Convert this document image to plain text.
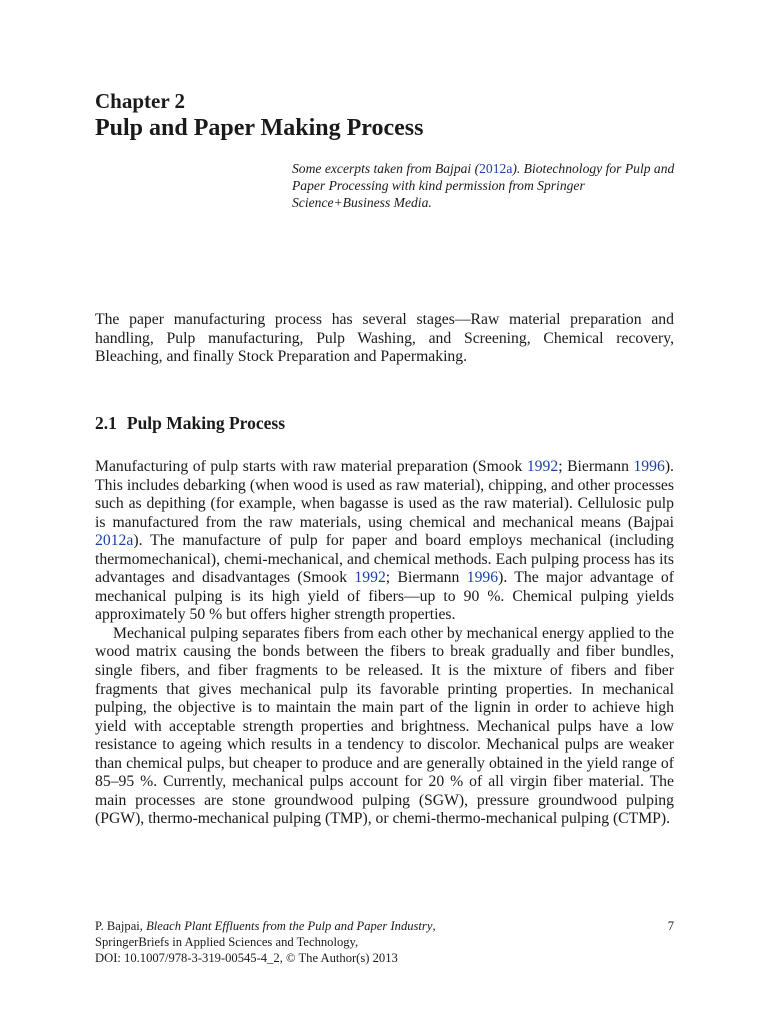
Chapter 2
Pulp and Paper Making Process
Some excerpts taken from Bajpai (2012a). Biotechnology for Pulp and Paper Processing with kind permission from Springer Science+Business Media.
The paper manufacturing process has several stages—Raw material preparation and handling, Pulp manufacturing, Pulp Washing, and Screening, Chemical recovery, Bleaching, and finally Stock Preparation and Papermaking.
2.1 Pulp Making Process

Manufacturing of pulp starts with raw material preparation (Smook 1992; Biermann 1996). This includes debarking (when wood is used as raw material), chipping, and other processes such as depithing (for example, when bagasse is used as the raw material). Cellulosic pulp is manufactured from the raw materials, using chemical and mechanical means (Bajpai 2012a). The manufacture of pulp for paper and board employs mechanical (including thermomechanical), chemi-mechanical, and chemical methods. Each pulping process has its advantages and disadvantages (Smook 1992; Biermann 1996). The major advantage of mechanical pulping is its high yield of fibers—up to 90 %. Chemical pulping yields approximately 50 % but offers higher strength properties.

Mechanical pulping separates fibers from each other by mechanical energy applied to the wood matrix causing the bonds between the fibers to break gradually and fiber bundles, single fibers, and fiber fragments to be released. It is the mixture of fibers and fiber fragments that gives mechanical pulp its favorable printing properties. In mechanical pulping, the objective is to maintain the main part of the lignin in order to achieve high yield with acceptable strength properties and brightness. Mechanical pulps have a low resistance to ageing which results in a tendency to discolor. Mechanical pulps are weaker than chemical pulps, but cheaper to produce and are generally obtained in the yield range of 85–95 %. Currently, mechanical pulps account for 20 % of all virgin fiber material. The main processes are stone groundwood pulping (SGW), pressure groundwood pulping (PGW), thermo-mechanical pulping (TMP), or chemi-thermo-mechanical pulping (CTMP).

7
P. Bajpai, Bleach Plant Effluents from the Pulp and Paper Industry,
SpringerBriefs in Applied Sciences and Technology,
DOI: 10.1007/978-3-319-00545-4_2, © The Author(s) 2013
